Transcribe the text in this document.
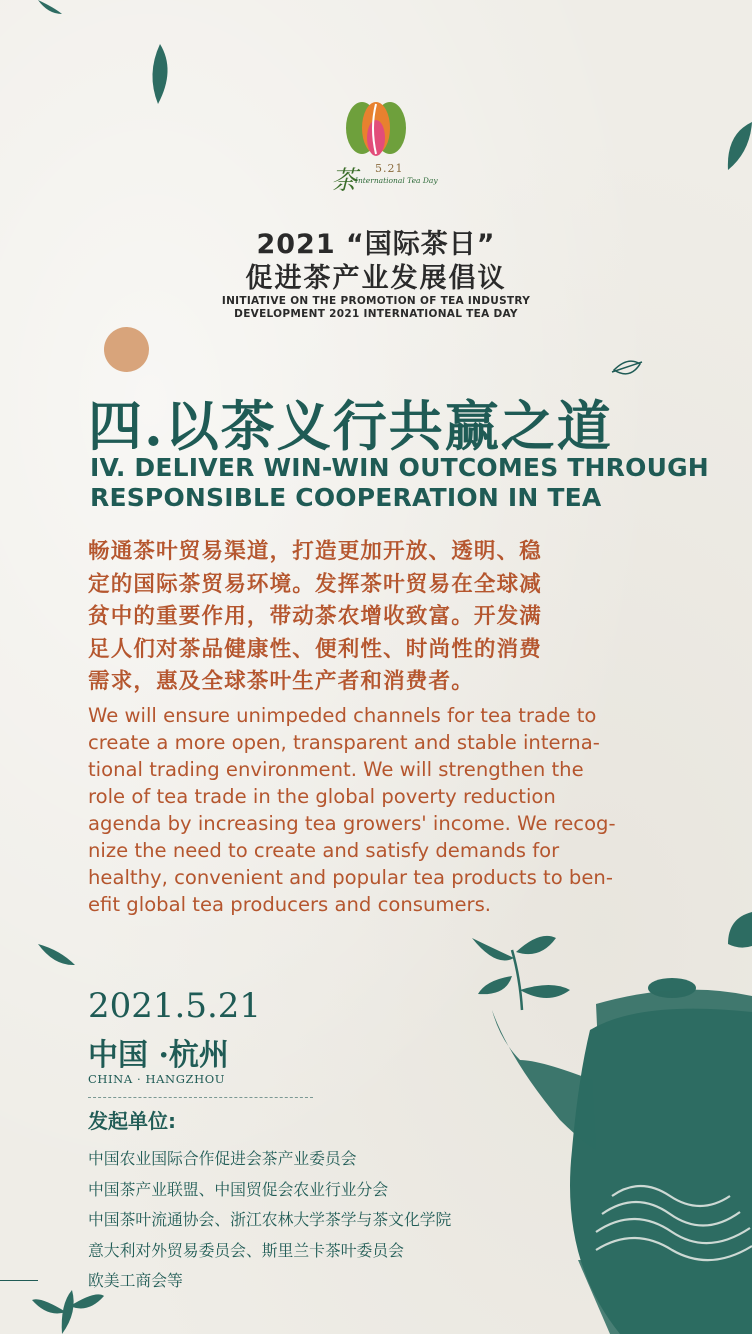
茶 5.21
International Tea Day
2021 “国际茶日”
促进茶产业发展倡议
INITIATIVE ON THE PROMOTION OF TEA INDUSTRY
DEVELOPMENT 2021 INTERNATIONAL TEA DAY
四.以茶义行共赢之道
IV. DELIVER WIN-WIN OUTCOMES THROUGH
RESPONSIBLE COOPERATION IN TEA
畅通茶叶贸易渠道，打造更加开放、透明、稳
定的国际茶贸易环境。发挥茶叶贸易在全球减
贫中的重要作用，带动茶农增收致富。开发满
足人们对茶品健康性、便利性、时尚性的消费
需求，惠及全球茶叶生产者和消费者。
We will ensure unimpeded channels for tea trade to
create a more open, transparent and stable interna-
tional trading environment. We will strengthen the
role of tea trade in the global poverty reduction
agenda by increasing tea growers' income. We recog-
nize the need to create and satisfy demands for
healthy, convenient and popular tea products to ben-
efit global tea producers and consumers.
2021.5.21
中国 ·杭州
CHINA · HANGZHOU
发起单位:
中国农业国际合作促进会茶产业委员会
中国茶产业联盟、中国贸促会农业行业分会
中国茶叶流通协会、浙江农林大学茶学与茶文化学院
意大利对外贸易委员会、斯里兰卡茶叶委员会
欧美工商会等
